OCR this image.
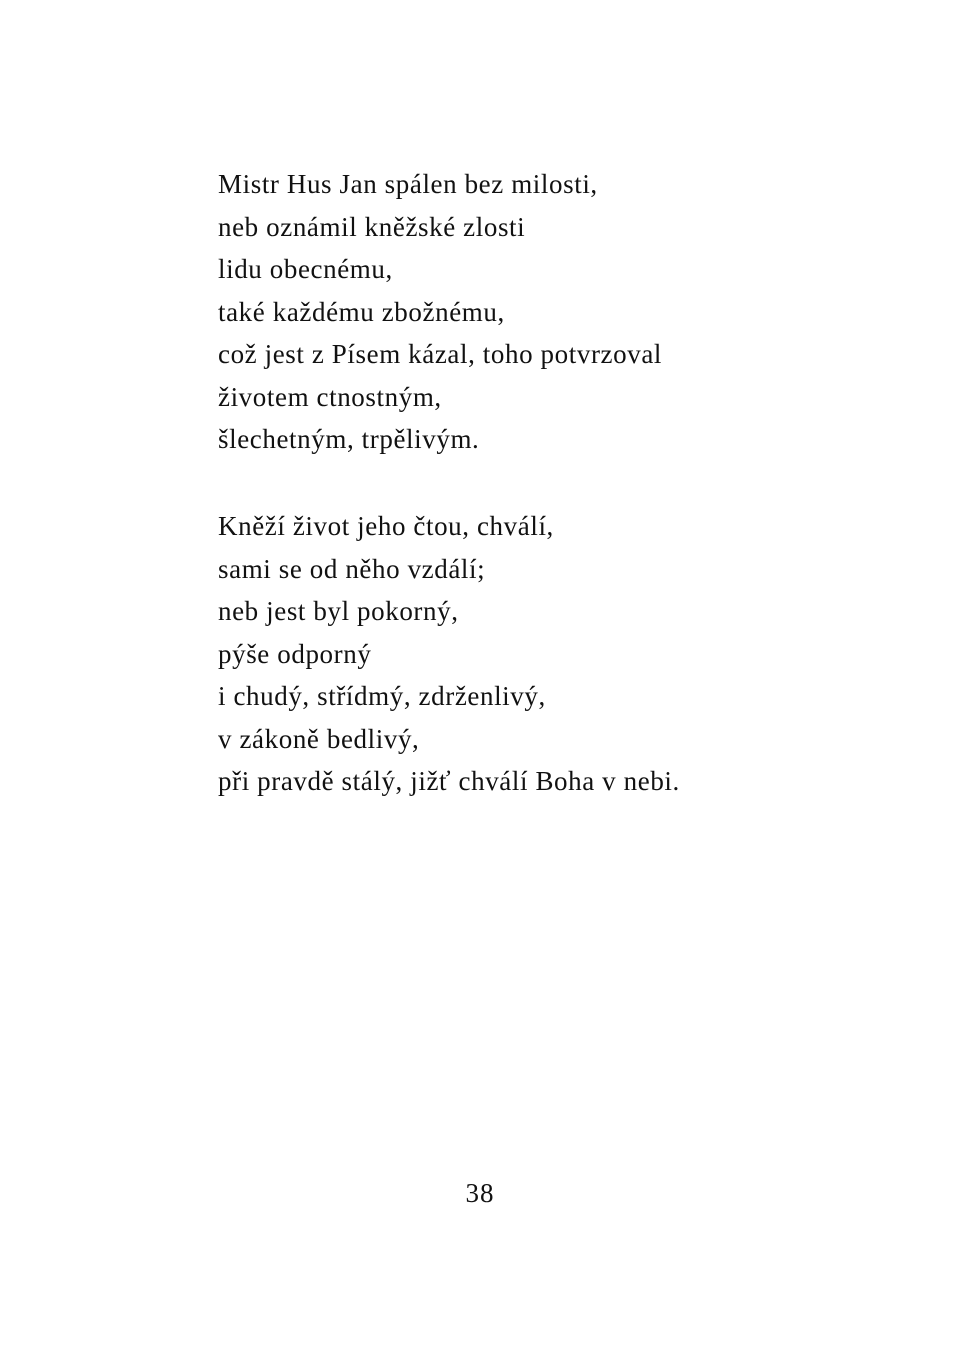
Mistr Hus Jan spálen bez milosti,
neb oznámil kněžské zlosti
lidu obecnému,
také každému zbožnému,
což jest z Písem kázal, toho potvrzoval
životem ctnostným,
šlechetným, trpělivým.
Kněží život jeho čtou, chválí,
sami se od něho vzdálí;
neb jest byl pokorný,
pýše odporný
i chudý, střídmý, zdrženlivý,
v zákoně bedlivý,
při pravdě stálý, jižť chválí Boha v nebi.
38
